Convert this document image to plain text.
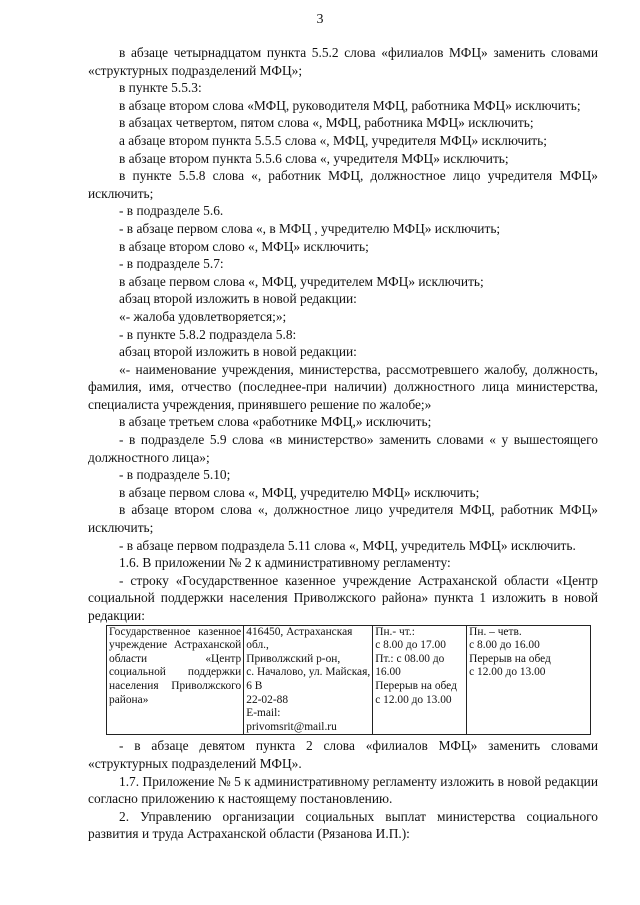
3

в абзаце четырнадцатом пункта 5.5.2 слова «филиалов МФЦ» заменить словами «структурных подразделений МФЦ»;

в пункте 5.5.3:

в абзаце втором слова «МФЦ, руководителя МФЦ, работника МФЦ» исключить;

в абзацах четвертом, пятом слова «, МФЦ, работника МФЦ» исключить;

а абзаце втором пункта 5.5.5 слова «, МФЦ, учредителя МФЦ» исключить;

в абзаце втором пункта 5.5.6 слова «, учредителя МФЦ» исключить;

в пункте 5.5.8 слова «, работник МФЦ, должностное лицо учредителя МФЦ» исключить;

- в подразделе 5.6.

- в абзаце первом слова «, в МФЦ , учредителю МФЦ» исключить;

в абзаце втором слово «, МФЦ» исключить;

- в подразделе 5.7:

в абзаце первом слова «, МФЦ, учредителем МФЦ» исключить;

абзац второй изложить в новой редакции:

«- жалоба удовлетворяется;»;

- в пункте 5.8.2 подраздела 5.8:

абзац второй изложить в новой редакции:

«- наименование учреждения, министерства, рассмотревшего жалобу, должность, фамилия, имя, отчество (последнее-при наличии) должностного лица министерства, специалиста учреждения, принявшего решение по жалобе;»

в абзаце третьем слова «работнике МФЦ,» исключить;

- в подразделе 5.9 слова «в министерство» заменить словами « у вышестоящего должностного лица»;

- в подразделе 5.10;

в абзаце первом слова «, МФЦ, учредителю МФЦ» исключить;

в абзаце втором слова «, должностное лицо учредителя МФЦ, работник МФЦ» исключить;

- в абзаце первом подраздела 5.11 слова «, МФЦ, учредитель МФЦ» исключить.

1.6. В приложении № 2 к административному регламенту:

- строку «Государственное казенное учреждение Астраханской области «Центр социальной поддержки населения Приволжского района» пункта 1 изложить в новой редакции:

Государственное казенное учреждение Астраханской области «Центр социальной поддержки населения Приволжского района»	
416450, Астраханская обл.,
Приволжский р-он,
с. Началово, ул. Майская,
6 В
22-02-88
E-mail: privomsrit@mail.ru

Пн.- чт.:
с 8.00 до 17.00
Пт.: с 08.00 до
16.00
Перерыв на обед
с 12.00 до 13.00

Пн. – четв.
с 8.00 до 16.00
Перерыв на обед
с 12.00 до 13.00

- в абзаце девятом пункта 2 слова «филиалов МФЦ» заменить словами «структурных подразделений МФЦ».

1.7. Приложение № 5 к административному регламенту изложить в новой редакции согласно приложению к настоящему постановлению.

2. Управлению организации социальных выплат министерства социального развития и труда Астраханской области (Рязанова И.П.):
